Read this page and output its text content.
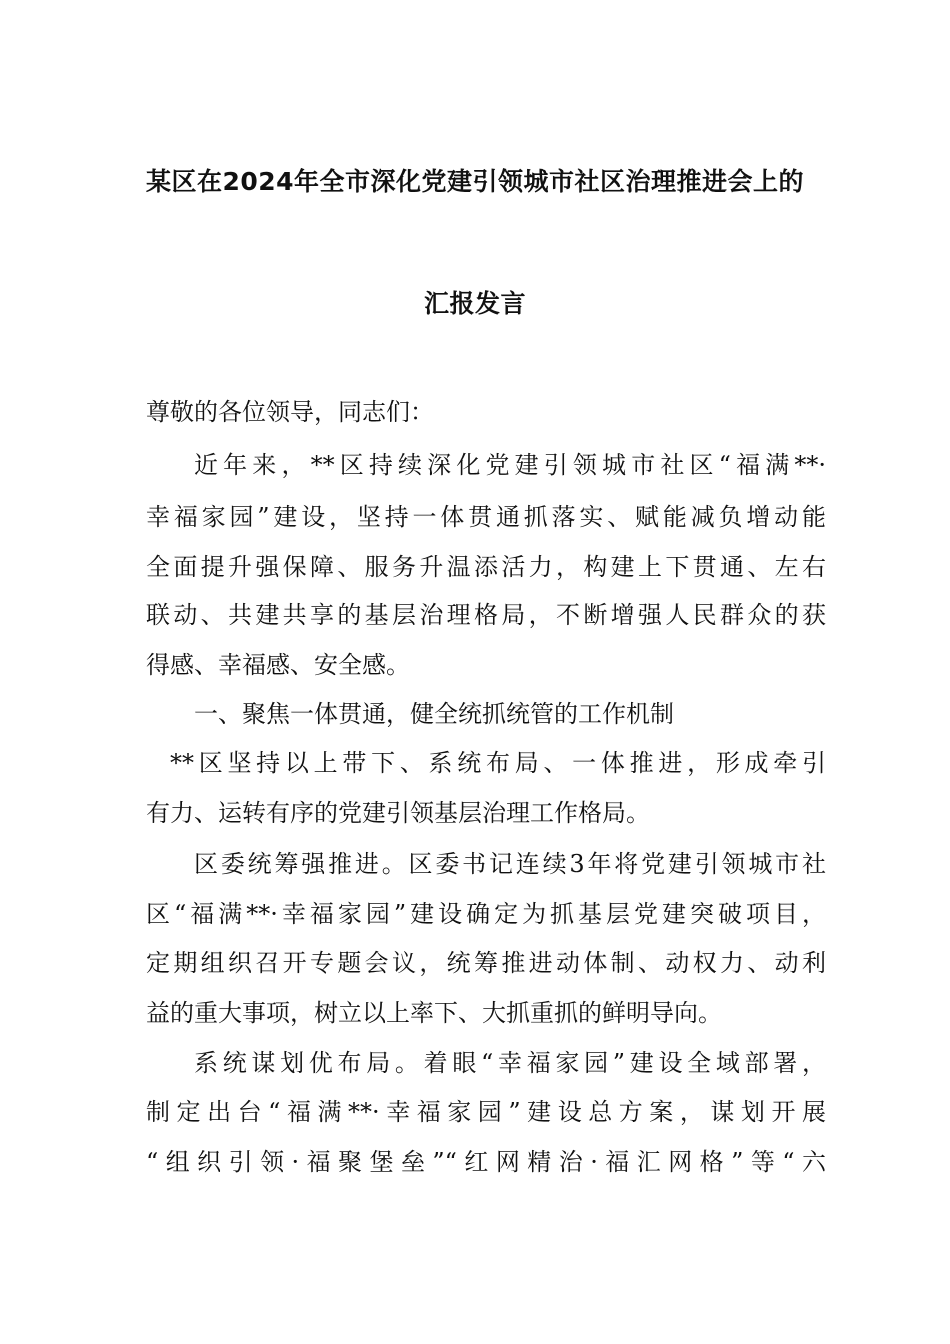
某区在2024年全市深化党建引领城市社区治理推进会上的
汇报发言
尊敬的各位领导，同志们：
近年来，**区持续深化党建引领城市社区“福满**·
幸福家园”建设，坚持一体贯通抓落实、赋能减负增动能
全面提升强保障、服务升温添活力，构建上下贯通、左右
联动、共建共享的基层治理格局，不断增强人民群众的获
得感、幸福感、安全感。
一、聚焦一体贯通，健全统抓统管的工作机制
**区坚持以上带下、系统布局、一体推进，形成牵引
有力、运转有序的党建引领基层治理工作格局。
区委统筹强推进。区委书记连续3年将党建引领城市社
区“福满**·幸福家园”建设确定为抓基层党建突破项目，
定期组织召开专题会议，统筹推进动体制、动权力、动利
益的重大事项，树立以上率下、大抓重抓的鲜明导向。
系统谋划优布局。着眼“幸福家园”建设全域部署，
制定出台“福满**·幸福家园”建设总方案，谋划开展
“组织引领·福聚堡垒”“红网精治·福汇网格”等“六
